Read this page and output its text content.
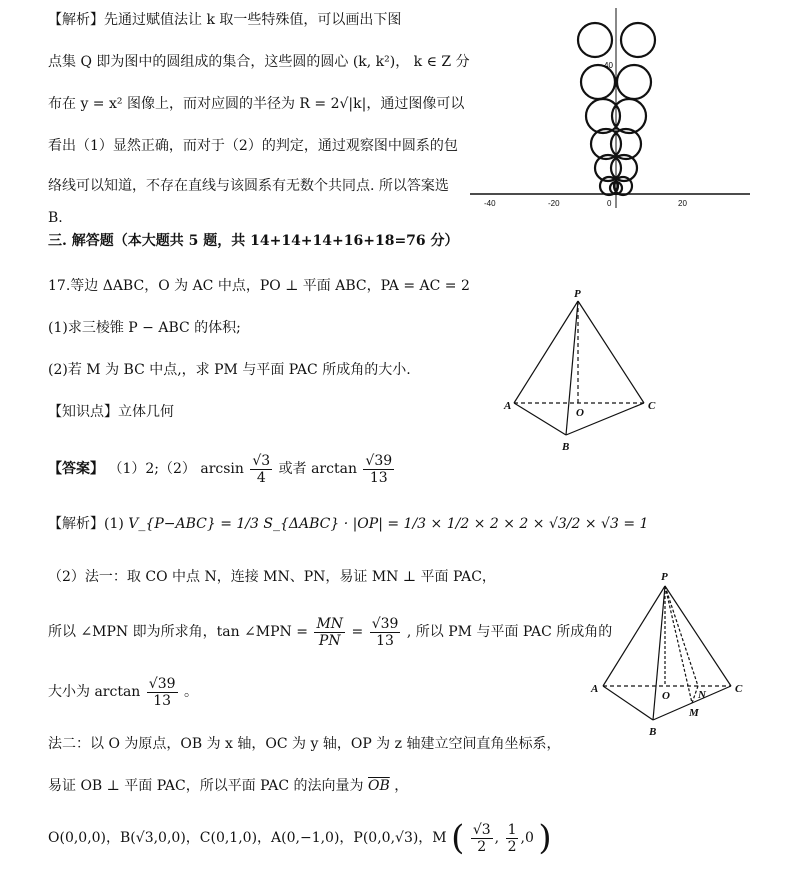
【解析】先通过赋值法让 k 取一些特殊值，可以画出下图
点集 Q 即为图中的圆组成的集合，这些圆的圆心 (k, k²)， k ∈ Z 分
布在 y = x² 图像上，而对应圆的半径为 R = 2√|k|，通过图像可以
看出（1）显然正确，而对于（2）的判定，通过观察图中圆系的包
络线可以知道，不存在直线与该圆系有无数个共同点. 所以答案选
B.
40
-40	-20	0	20
三. 解答题（本大题共 5 题，共 14+14+14+16+18=76 分）
17.等边 ΔABC，O 为 AC 中点，PO ⊥ 平面 ABC，PA = AC = 2
(1)求三棱锥 P − ABC 的体积;
(2)若 M 为 BC 中点,，求 PM 与平面 PAC 所成角的大小.
【知识点】立体几何
P
A	C
B
O
【答案】 （1）2;（2） $\arcsin \frac{√3}{4}$ 或者 $\arctan \frac{√39}{13}$
【解析】(1) V_{P−ABC} = 1/3 S_{ΔABC} · |OP| = 1/3 × 1/2 × 2 × 2 × √3/2 × √3 = 1
（2）法一：取 CO 中点 N，连接 MN、PN，易证 MN ⊥ 平面 PAC，
所以 ∠MPN 即为所求角，tan ∠MPN = $\frac{MN}{PN} = \frac{√39}{13}$ , 所以 PM 与平面 PAC 所成角的
大小为 $\arctan \frac{√39}{13}$ 。
P
A	C
B
O	N
M
法二：以 O 为原点，OB 为 x 轴，OC 为 y 轴，OP 为 z 轴建立空间直角坐标系，
易证 OB ⊥ 平面 PAC，所以平面 PAC 的法向量为 $\overline{OB}$ ，
O(0,0,0)，B(√3,0,0)，C(0,1,0)，A(0,−1,0)，P(0,0,√3)，M ( $\frac{√3}{2}$ , $\frac{1}{2} ,0$ )
